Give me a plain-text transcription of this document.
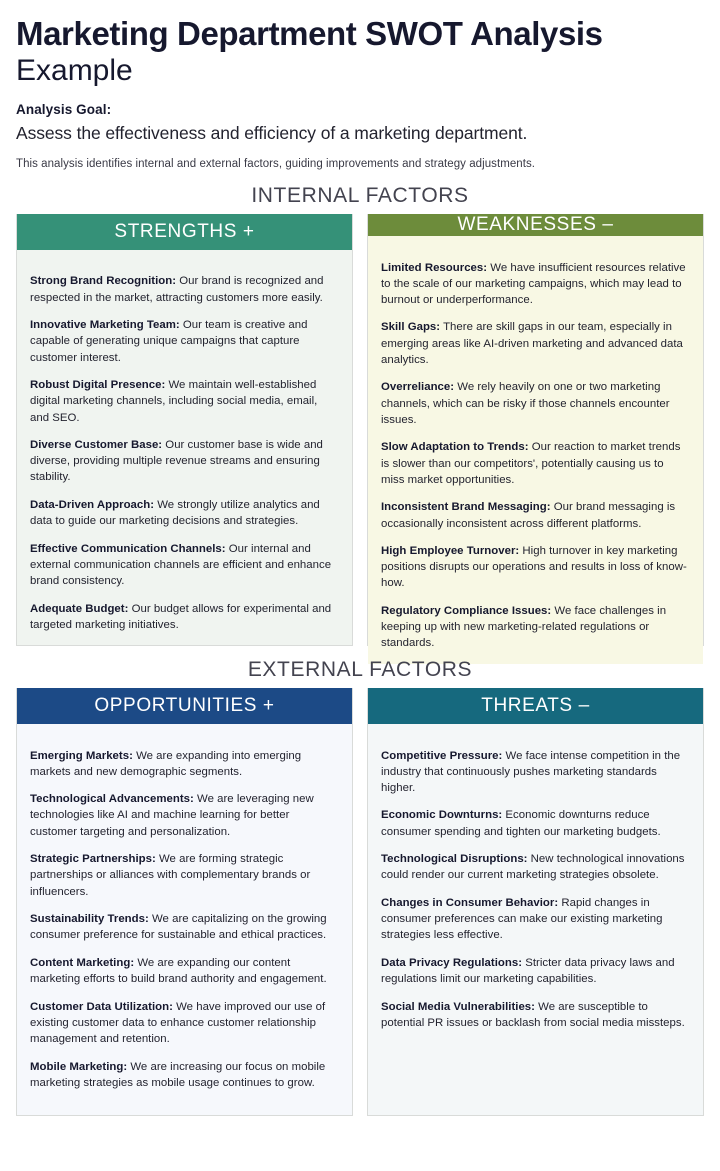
Marketing Department SWOT Analysis
Example

Analysis Goal:

Assess the effectiveness and efficiency of a marketing department.

This analysis identifies internal and external factors, guiding improvements and strategy adjustments.

INTERNAL FACTORS
STRENGTHS +

Strong Brand Recognition: Our brand is recognized and respected in the market, attracting customers more easily.

Innovative Marketing Team: Our team is creative and capable of generating unique campaigns that capture customer interest.

Robust Digital Presence: We maintain well-established digital marketing channels, including social media, email, and SEO.

Diverse Customer Base: Our customer base is wide and diverse, providing multiple revenue streams and ensuring stability.

Data-Driven Approach: We strongly utilize analytics and data to guide our marketing decisions and strategies.

Effective Communication Channels: Our internal and external communication channels are efficient and enhance brand consistency.

Adequate Budget: Our budget allows for experimental and targeted marketing initiatives.

WEAKNESSES –

Limited Resources: We have insufficient resources relative to the scale of our marketing campaigns, which may lead to burnout or underperformance.

Skill Gaps: There are skill gaps in our team, especially in emerging areas like AI-driven marketing and advanced data analytics.

Overreliance: We rely heavily on one or two marketing channels, which can be risky if those channels encounter issues.

Slow Adaptation to Trends: Our reaction to market trends is slower than our competitors', potentially causing us to miss market opportunities.

Inconsistent Brand Messaging: Our brand messaging is occasionally inconsistent across different platforms.

High Employee Turnover: High turnover in key marketing positions disrupts our operations and results in loss of know-how.

Regulatory Compliance Issues: We face challenges in keeping up with new marketing-related regulations or standards.

EXTERNAL FACTORS
OPPORTUNITIES +

Emerging Markets: We are expanding into emerging markets and new demographic segments.

Technological Advancements: We are leveraging new technologies like AI and machine learning for better customer targeting and personalization.

Strategic Partnerships: We are forming strategic partnerships or alliances with complementary brands or influencers.

Sustainability Trends: We are capitalizing on the growing consumer preference for sustainable and ethical practices.

Content Marketing: We are expanding our content marketing efforts to build brand authority and engagement.

Customer Data Utilization: We have improved our use of existing customer data to enhance customer relationship management and retention.

Mobile Marketing: We are increasing our focus on mobile marketing strategies as mobile usage continues to grow.

THREATS –

Competitive Pressure: We face intense competition in the industry that continuously pushes marketing standards higher.

Economic Downturns: Economic downturns reduce consumer spending and tighten our marketing budgets.

Technological Disruptions: New technological innovations could render our current marketing strategies obsolete.

Changes in Consumer Behavior: Rapid changes in consumer preferences can make our existing marketing strategies less effective.

Data Privacy Regulations: Stricter data privacy laws and regulations limit our marketing capabilities.

Social Media Vulnerabilities: We are susceptible to potential PR issues or backlash from social media missteps.
